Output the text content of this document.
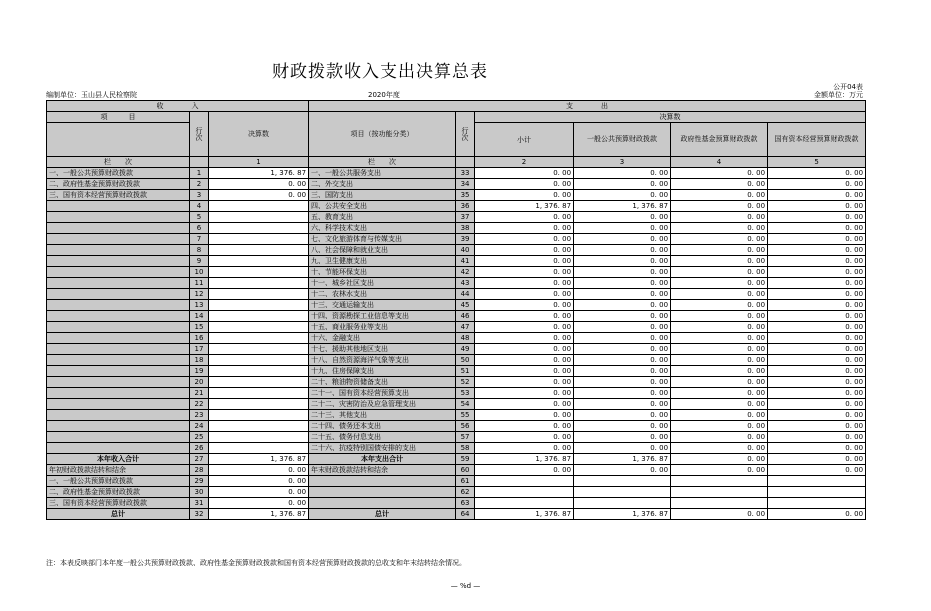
财政拨款收入支出决算总表
公开04表
编制单位：玉山县人民检察院	2020年度	金额单位：万元
收　　　　入			支　　　　出					
项　　　目	行次	决算数	项目（按功能分类）	行次	决算数			
					小计	一般公共预算财政拨款	政府性基金预算财政拨款	国有资本经营预算财政拨款

栏　　次		1	栏　　次		2	3	4	5
一、一般公共预算财政拨款	1	1, 376. 87	一、一般公共服务支出	33	0. 00	0. 00	0. 00	0. 00
二、政府性基金预算财政拨款	2	0. 00	二、外交支出	34	0. 00	0. 00	0. 00	0. 00
三、国有资本经营预算财政拨款	3	0. 00	三、国防支出	35	0. 00	0. 00	0. 00	0. 00
	4		四、公共安全支出	36	1, 376. 87	1, 376. 87	0. 00	0. 00
	5		五、教育支出	37	0. 00	0. 00	0. 00	0. 00
	6		六、科学技术支出	38	0. 00	0. 00	0. 00	0. 00
	7		七、文化旅游体育与传媒支出	39	0. 00	0. 00	0. 00	0. 00
	8		八、社会保障和就业支出	40	0. 00	0. 00	0. 00	0. 00
	9		九、卫生健康支出	41	0. 00	0. 00	0. 00	0. 00
	10		十、节能环保支出	42	0. 00	0. 00	0. 00	0. 00
	11		十一、城乡社区支出	43	0. 00	0. 00	0. 00	0. 00
	12		十二、农林水支出	44	0. 00	0. 00	0. 00	0. 00
	13		十三、交通运输支出	45	0. 00	0. 00	0. 00	0. 00
	14		十四、资源勘探工业信息等支出	46	0. 00	0. 00	0. 00	0. 00
	15		十五、商业服务业等支出	47	0. 00	0. 00	0. 00	0. 00
	16		十六、金融支出	48	0. 00	0. 00	0. 00	0. 00
	17		十七、援助其他地区支出	49	0. 00	0. 00	0. 00	0. 00
	18		十八、自然资源海洋气象等支出	50	0. 00	0. 00	0. 00	0. 00
	19		十九、住房保障支出	51	0. 00	0. 00	0. 00	0. 00
	20		二十、粮油物资储备支出	52	0. 00	0. 00	0. 00	0. 00
	21		二十一、国有资本经营预算支出	53	0. 00	0. 00	0. 00	0. 00
	22		二十二、灾害防治及应急管理支出	54	0. 00	0. 00	0. 00	0. 00
	23		二十三、其他支出	55	0. 00	0. 00	0. 00	0. 00
	24		二十四、债务还本支出	56	0. 00	0. 00	0. 00	0. 00
	25		二十五、债务付息支出	57	0. 00	0. 00	0. 00	0. 00
	26		二十六、抗疫特别国债安排的支出	58	0. 00	0. 00	0. 00	0. 00
本年收入合计	27	1, 376. 87	本年支出合计	59	1, 376. 87	1, 376. 87	0. 00	0. 00
年初财政拨款结转和结余	28	0. 00	年末财政拨款结转和结余	60	0. 00	0. 00	0. 00	0. 00
一、一般公共预算财政拨款	29	0. 00		61				
二、政府性基金预算财政拨款	30	0. 00		62				
三、国有资本经营预算财政拨款	31	0. 00		63				
总计	32	1, 376. 87	总计	64	1, 376. 87	1, 376. 87	0. 00	0. 00
注：本表反映部门本年度一般公共预算财政拨款、政府性基金预算财政拨款和国有资本经营预算财政拨款的总收支和年末结转结余情况。
— %d —
